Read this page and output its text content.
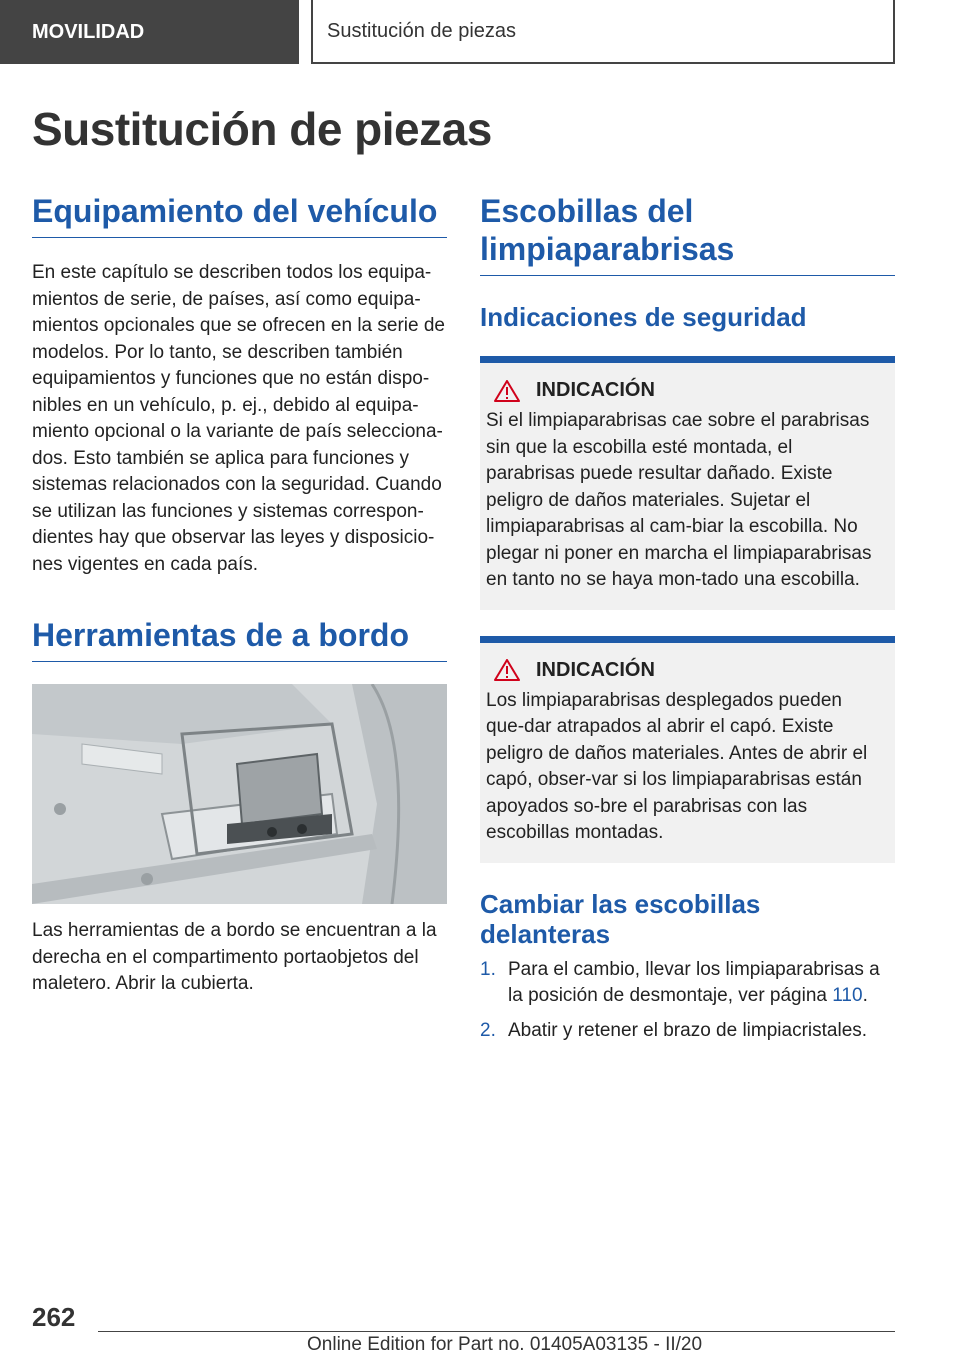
MOVILIDAD	Sustitución de piezas
Sustitución de piezas
Equipamiento del vehículo

En este capítulo se describen todos los equipa-mientos de serie, de países, así como equipa-mientos opcionales que se ofrecen en la serie de modelos. Por lo tanto, se describen también equipamientos y funciones que no están dispo-nibles en un vehículo, p. ej., debido al equipa-miento opcional o la variante de país selecciona-dos. Esto también se aplica para funciones y sistemas relacionados con la seguridad. Cuando se utilizan las funciones y sistemas correspon-dientes hay que observar las leyes y disposicio-nes vigentes en cada país.

Herramientas de a bordo

Las herramientas de a bordo se encuentran a la derecha en el compartimento portaobjetos del maletero. Abrir la cubierta.

Escobillas del limpiaparabrisas
Indicaciones de seguridad
INDICACIÓN

Si el limpiaparabrisas cae sobre el parabrisas sin que la escobilla esté montada, el parabrisas puede resultar dañado. Existe peligro de daños materiales. Sujetar el limpiaparabrisas al cam-biar la escobilla. No plegar ni poner en marcha el limpiaparabrisas en tanto no se haya mon-tado una escobilla.

INDICACIÓN

Los limpiaparabrisas desplegados pueden que-dar atrapados al abrir el capó. Existe peligro de daños materiales. Antes de abrir el capó, obser-var si los limpiaparabrisas están apoyados so-bre el parabrisas con las escobillas montadas.

Cambiar las escobillas delanteras
1. Para el cambio, llevar los limpiaparabrisas a la posición de desmontaje, ver página 110.
2. Abatir y retener el brazo de limpiacristales.
262
Online Edition for Part no. 01405A03135 - II/20
